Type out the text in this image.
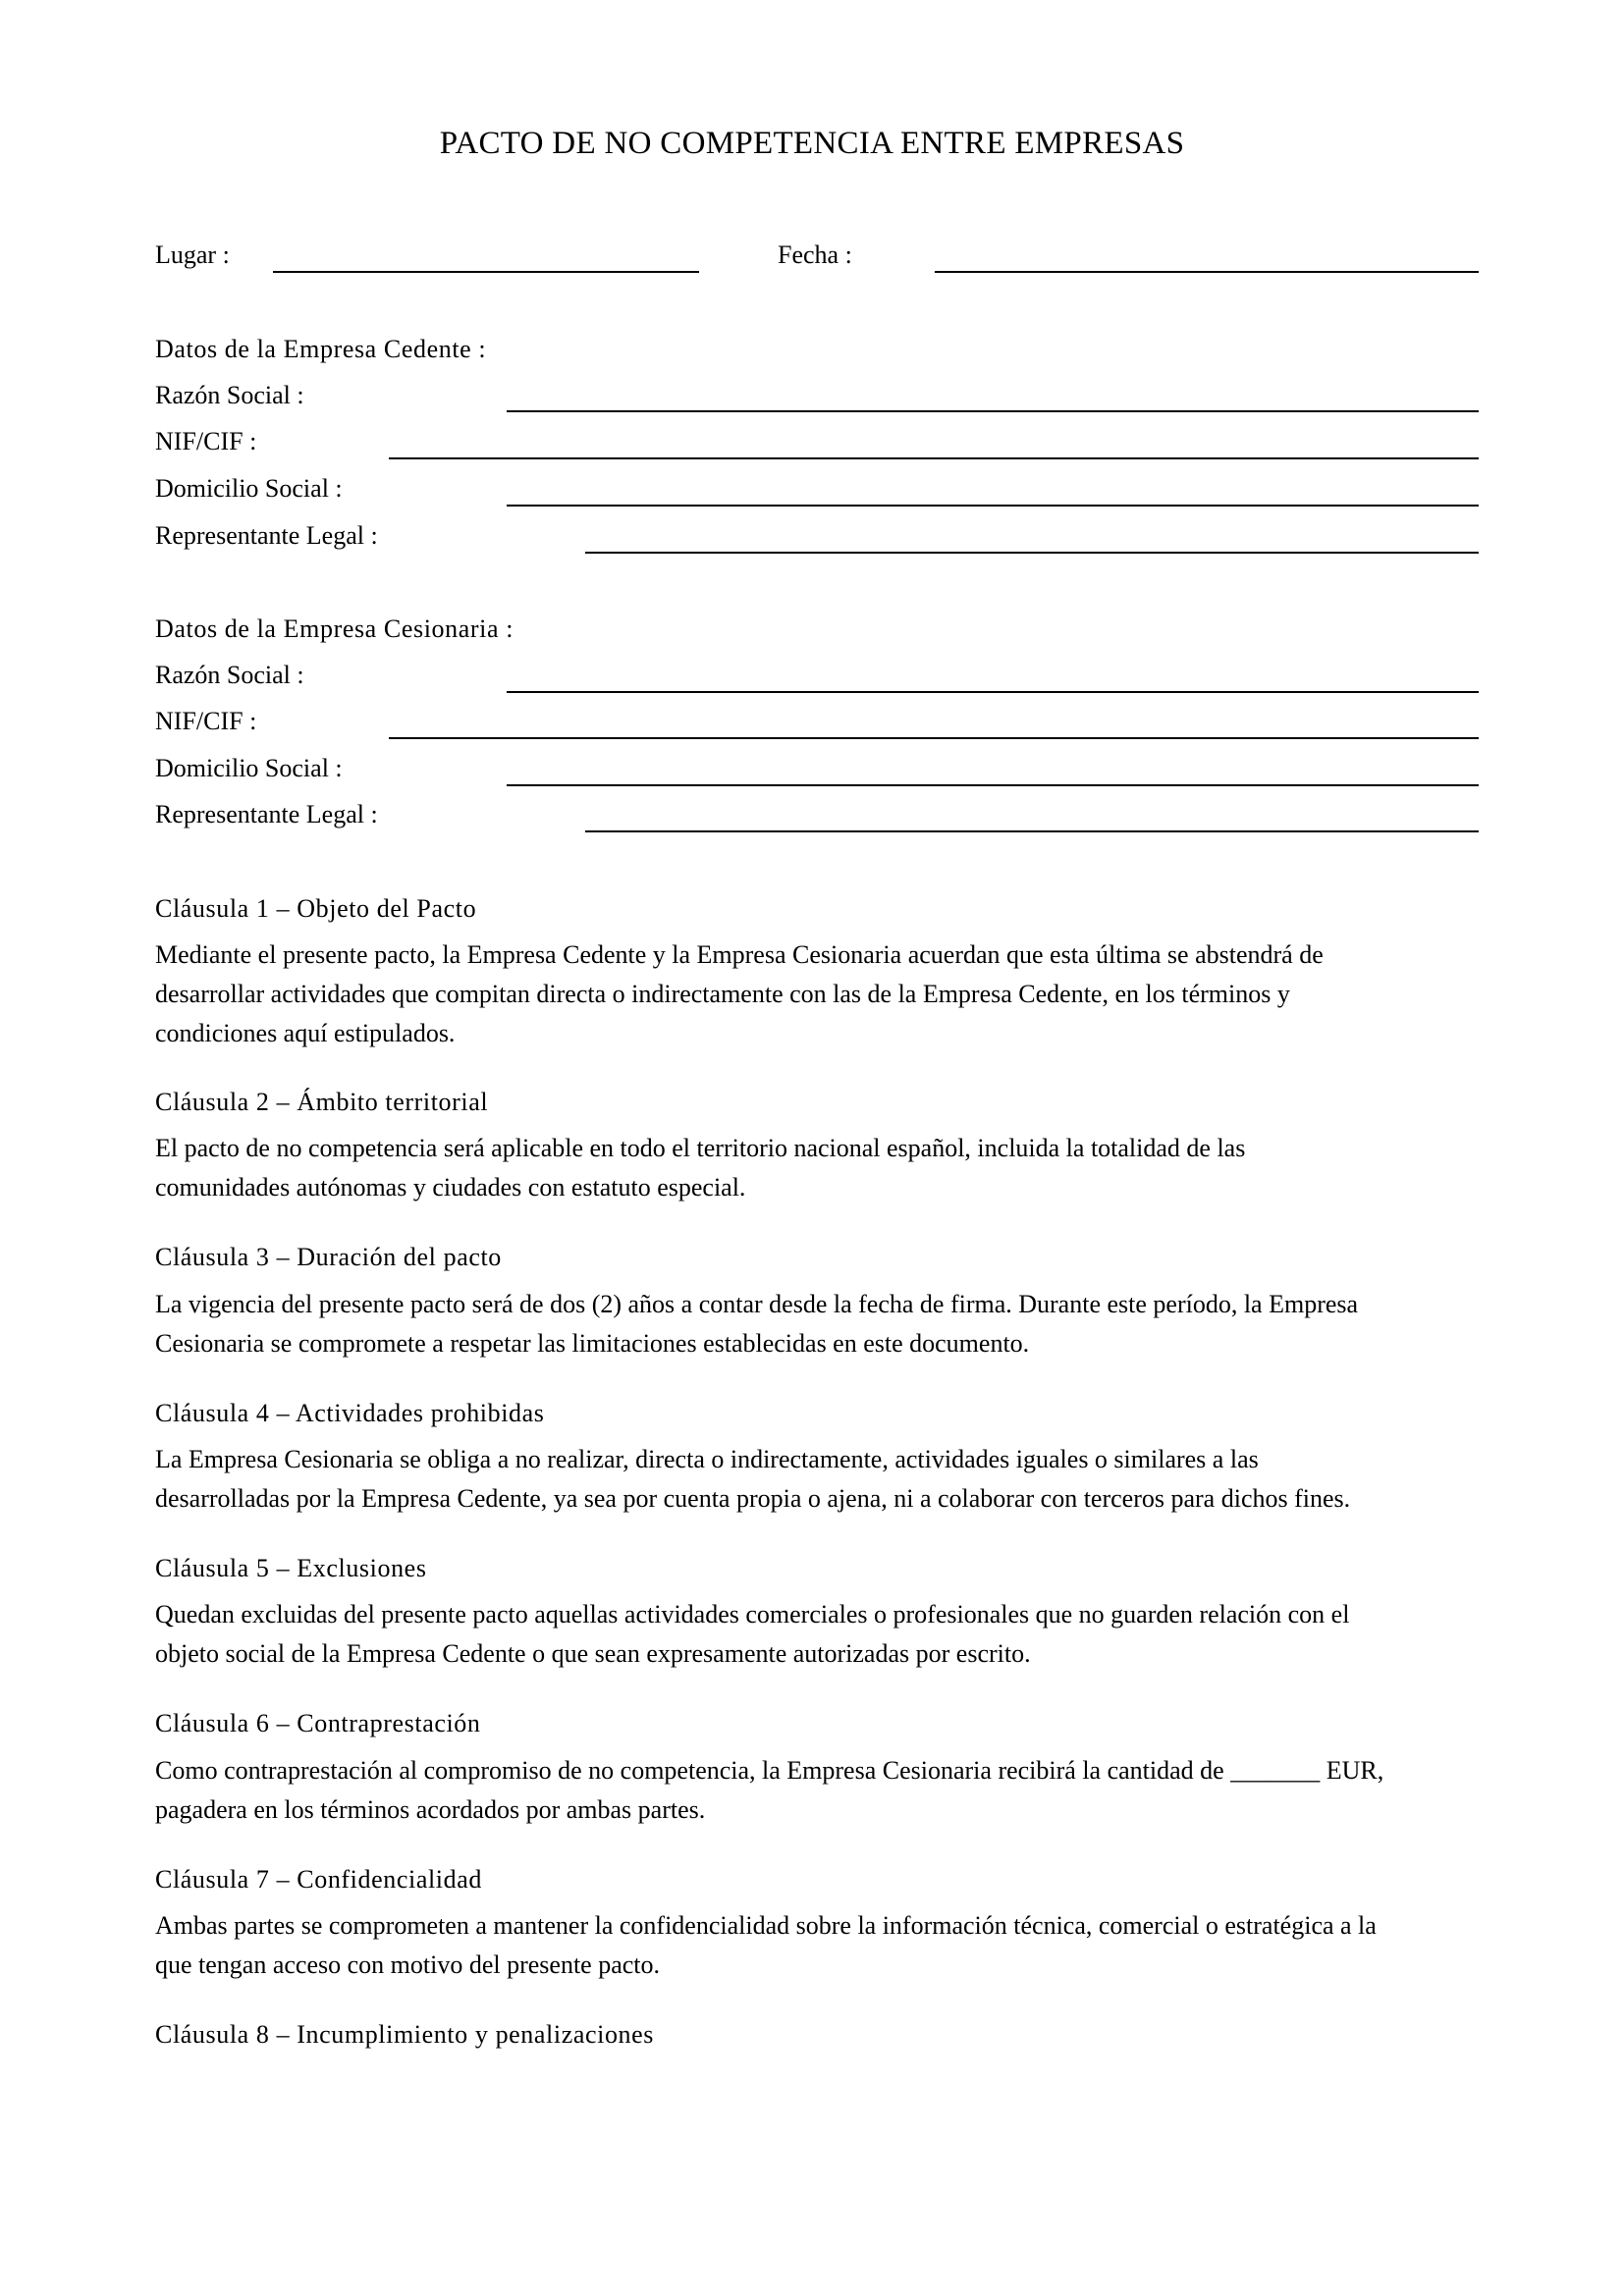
PACTO DE NO COMPETENCIA ENTRE EMPRESAS
Lugar :	Fecha :
Datos de la Empresa Cedente :
Razón Social :
NIF/CIF :
Domicilio Social :
Representante Legal :
Datos de la Empresa Cesionaria :
Razón Social :
NIF/CIF :
Domicilio Social :
Representante Legal :
Cláusula 1 – Objeto del Pacto

Mediante el presente pacto, la Empresa Cedente y la Empresa Cesionaria acuerdan que esta última se abstendrá de

desarrollar actividades que compitan directa o indirectamente con las de la Empresa Cedente, en los términos y

condiciones aquí estipulados.

Cláusula 2 – Ámbito territorial

El pacto de no competencia será aplicable en todo el territorio nacional español, incluida la totalidad de las

comunidades autónomas y ciudades con estatuto especial.

Cláusula 3 – Duración del pacto

La vigencia del presente pacto será de dos (2) años a contar desde la fecha de firma. Durante este período, la Empresa

Cesionaria se compromete a respetar las limitaciones establecidas en este documento.

Cláusula 4 – Actividades prohibidas

La Empresa Cesionaria se obliga a no realizar, directa o indirectamente, actividades iguales o similares a las

desarrolladas por la Empresa Cedente, ya sea por cuenta propia o ajena, ni a colaborar con terceros para dichos fines.

Cláusula 5 – Exclusiones

Quedan excluidas del presente pacto aquellas actividades comerciales o profesionales que no guarden relación con el

objeto social de la Empresa Cedente o que sean expresamente autorizadas por escrito.

Cláusula 6 – Contraprestación

Como contraprestación al compromiso de no competencia, la Empresa Cesionaria recibirá la cantidad de _______ EUR,

pagadera en los términos acordados por ambas partes.

Cláusula 7 – Confidencialidad

Ambas partes se comprometen a mantener la confidencialidad sobre la información técnica, comercial o estratégica a la

que tengan acceso con motivo del presente pacto.

Cláusula 8 – Incumplimiento y penalizaciones
